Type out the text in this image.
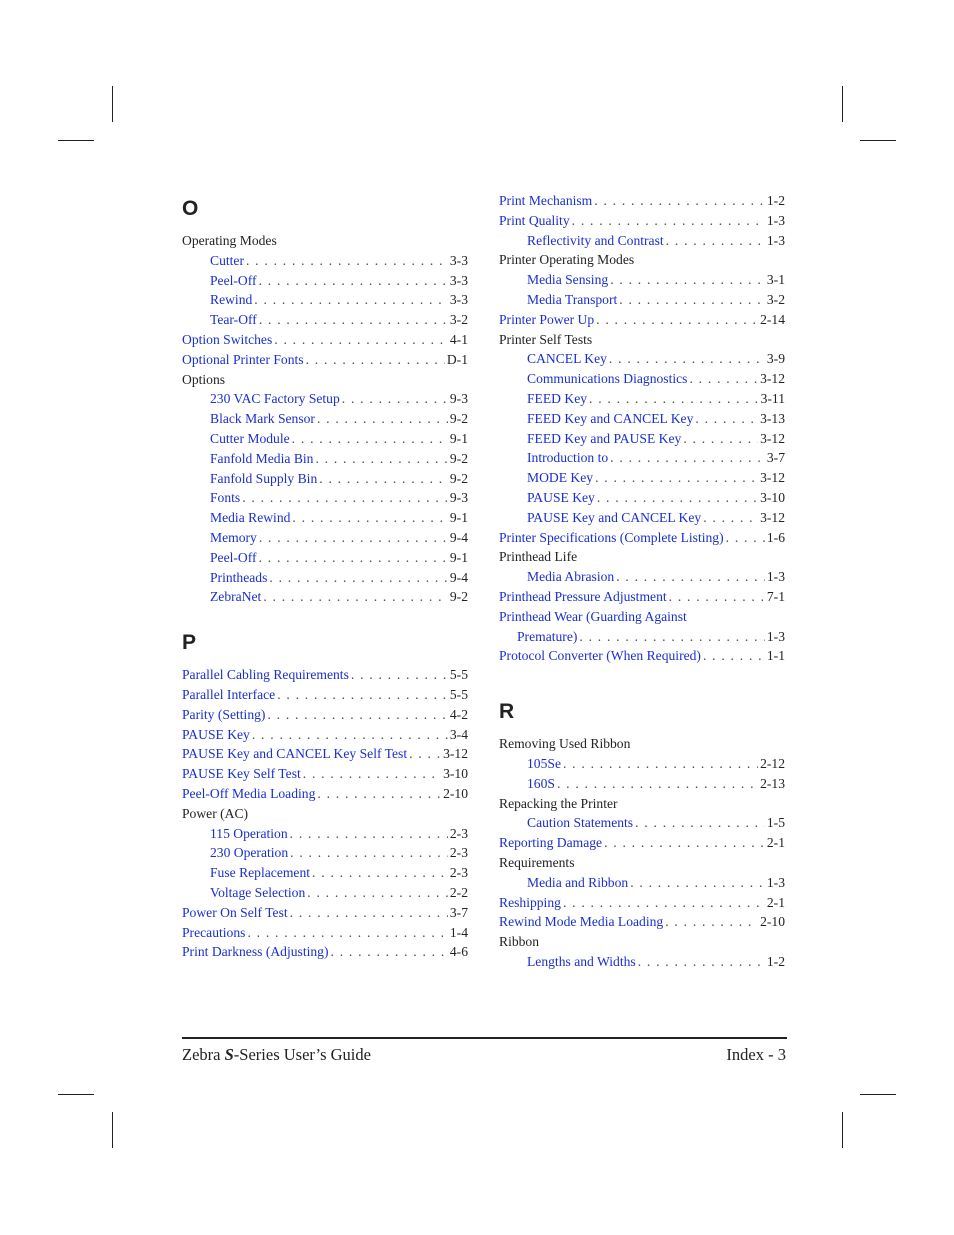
O
Operating Modes
Cutter . . .	3-3
Peel-Off . . .	3-3
Rewind . . .	3-3
Tear-Off . . .	3-2
Option Switches . . .	4-1
Optional Printer Fonts . . .	D-1
Options
230 VAC Factory Setup . . .	9-3
Black Mark Sensor . . .	9-2
Cutter Module . . .	9-1
Fanfold Media Bin . . .	9-2
Fanfold Supply Bin . . .	9-2
Fonts . . .	9-3
Media Rewind . . .	9-1
Memory . . .	9-4
Peel-Off . . .	9-1
Printheads . . .	9-4
ZebraNet . . .	9-2
P
Parallel Cabling Requirements . . .	5-5
Parallel Interface . . .	5-5
Parity (Setting) . . .	4-2
PAUSE Key . . .	3-4
PAUSE Key and CANCEL Key Self Test . . .	3-12
PAUSE Key Self Test . . .	3-10
Peel-Off Media Loading . . .	2-10
Power (AC)
115 Operation . . .	2-3
230 Operation . . .	2-3
Fuse Replacement . . .	2-3
Voltage Selection . . .	2-2
Power On Self Test . . .	3-7
Precautions . . .	1-4
Print Darkness (Adjusting) . . .	4-6
Print Mechanism . . .	1-2
Print Quality . . .	1-3
Reflectivity and Contrast . . .	1-3
Printer Operating Modes
Media Sensing . . .	3-1
Media Transport . . .	3-2
Printer Power Up . . .	2-14
Printer Self Tests
CANCEL Key . . .	3-9
Communications Diagnostics . . .	3-12
FEED Key . . .	3-11
FEED Key and CANCEL Key . . .	3-13
FEED Key and PAUSE Key . . .	3-12
Introduction to . . .	3-7
MODE Key . . .	3-12
PAUSE Key . . .	3-10
PAUSE Key and CANCEL Key . . .	3-12
Printer Specifications (Complete Listing) . . .	1-6
Printhead Life
Media Abrasion . . .	1-3
Printhead Pressure Adjustment . . .	7-1
Printhead Wear (Guarding Against
Premature) . . .	1-3
Protocol Converter (When Required) . . .	1-1
R
Removing Used Ribbon
105Se . . .	2-12
160S . . .	2-13
Repacking the Printer
Caution Statements . . .	1-5
Reporting Damage . . .	2-1
Requirements
Media and Ribbon . . .	1-3
Reshipping . . .	2-1
Rewind Mode Media Loading . . .	2-10
Ribbon
Lengths and Widths . . .	1-2
Zebra S-Series User’s Guide	Index - 3
